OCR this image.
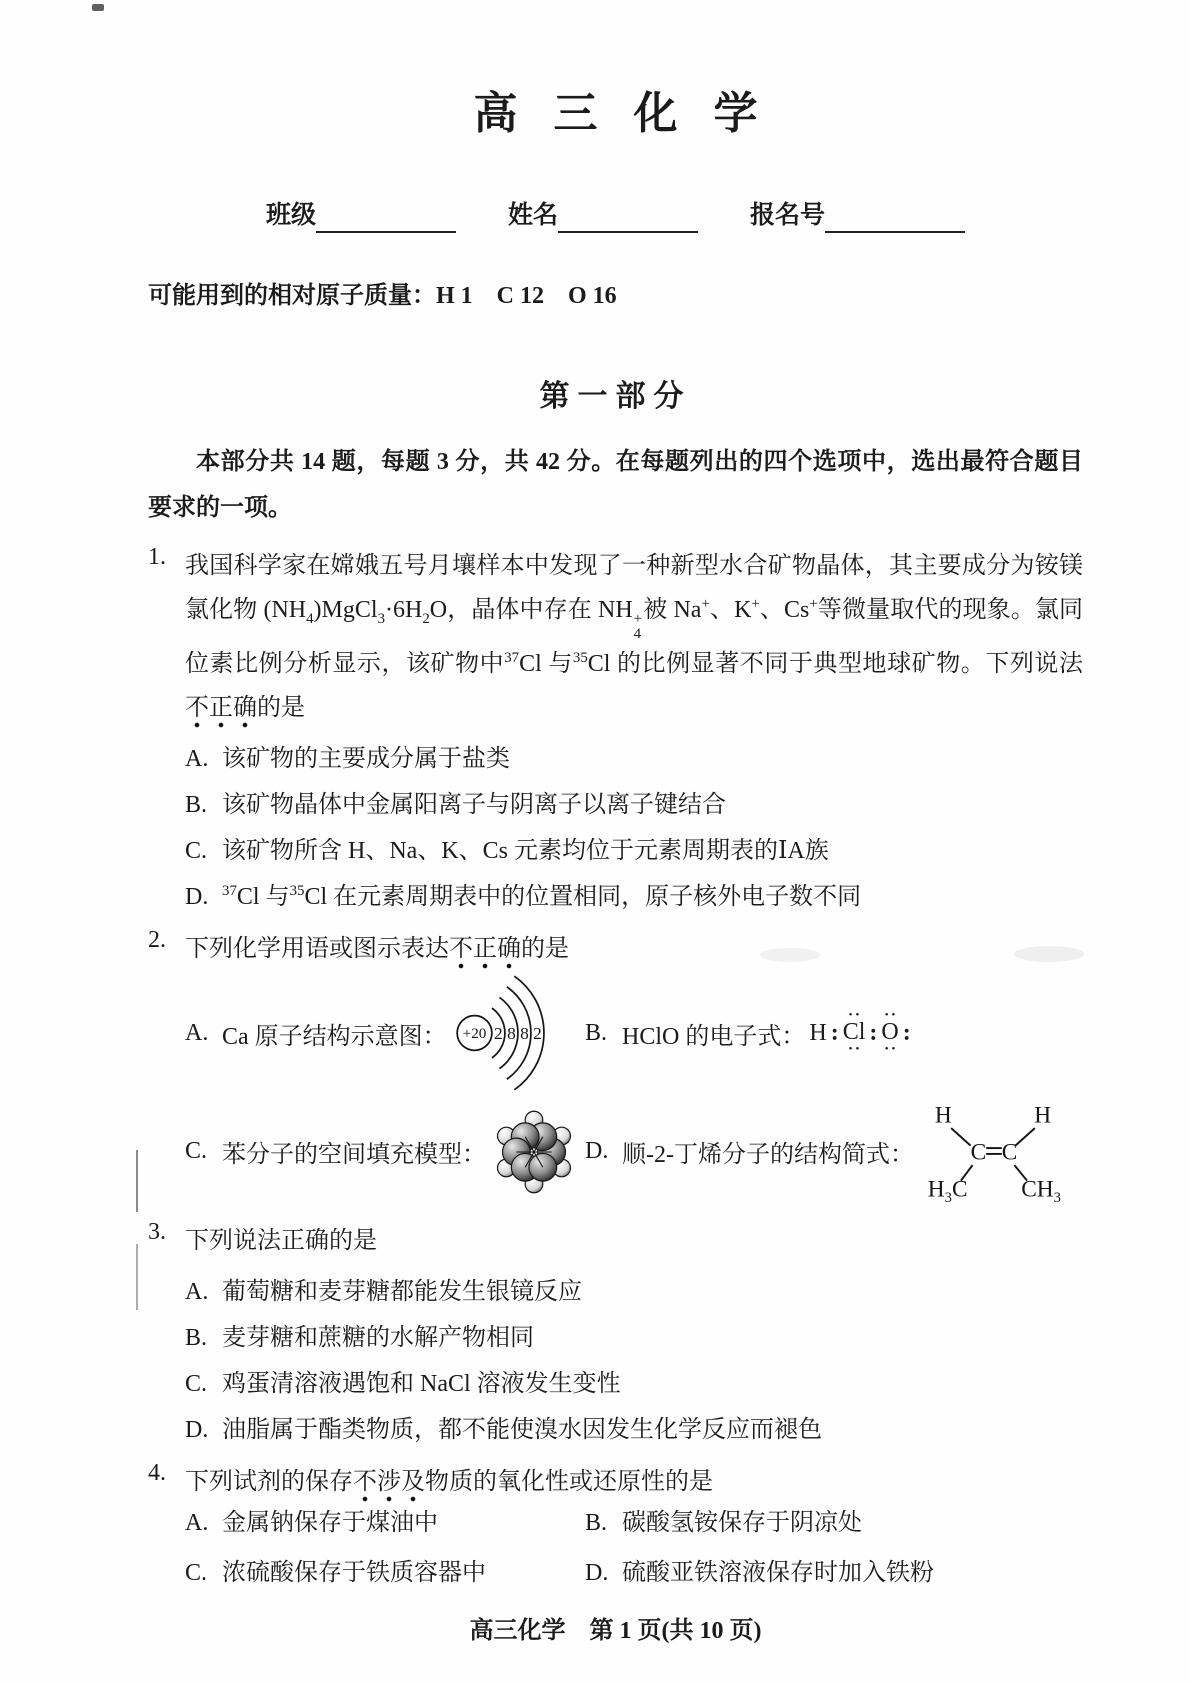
高三化学
班级	姓名	报名号
可能用到的相对原子质量：H 1　C 12　O 16
第一部分
本部分共 14 题，每题 3 分，共 42 分。在每题列出的四个选项中，选出最符合题目要求的一项。
1. 我国科学家在嫦娥五号月壤样本中发现了一种新型水合矿物晶体，其主要成分为铵镁氯化物 $(NH_4)MgCl_3\cdot 6H_2O$，晶体中存在 NH +
4
被 Na+、K+、Cs+等微量取代的现象。氯同位素比例分析显示，该矿物中$^{37}$Cl 与$^{35}$Cl 的比例显著不同于典型地球矿物。下列说法不正确的是
A. 该矿物的主要成分属于盐类
B. 该矿物晶体中金属阳离子与阴离子以离子键结合
C. 该矿物所含 H、Na、K、Cs 元素均位于元素周期表的ⅠA族
D. $^{37}$Cl 与$^{35}$Cl 在元素周期表中的位置相同，原子核外电子数不同
2. 下列化学用语或图示表达不正确的是
A. Ca 原子结构示意图： +20 2 8 8 2 B. HClO 的电子式： H :
••
Cl
••
:
••
O
••
:
C. 苯分子的空间填充模型：	D. 顺-2-丁烯分子的结构简式：
H	H
C C
$H_3C$ $CH_3$
3. 下列说法正确的是
A. 葡萄糖和麦芽糖都能发生银镜反应
B. 麦芽糖和蔗糖的水解产物相同
C. 鸡蛋清溶液遇饱和 NaCl 溶液发生变性
D. 油脂属于酯类物质，都不能使溴水因发生化学反应而褪色
4. 下列试剂的保存不涉及物质的氧化性或还原性的是
A. 金属钠保存于煤油中	B. 碳酸氢铵保存于阴凉处
C. 浓硫酸保存于铁质容器中	D. 硫酸亚铁溶液保存时加入铁粉
高三化学　第 1 页(共 10 页)
